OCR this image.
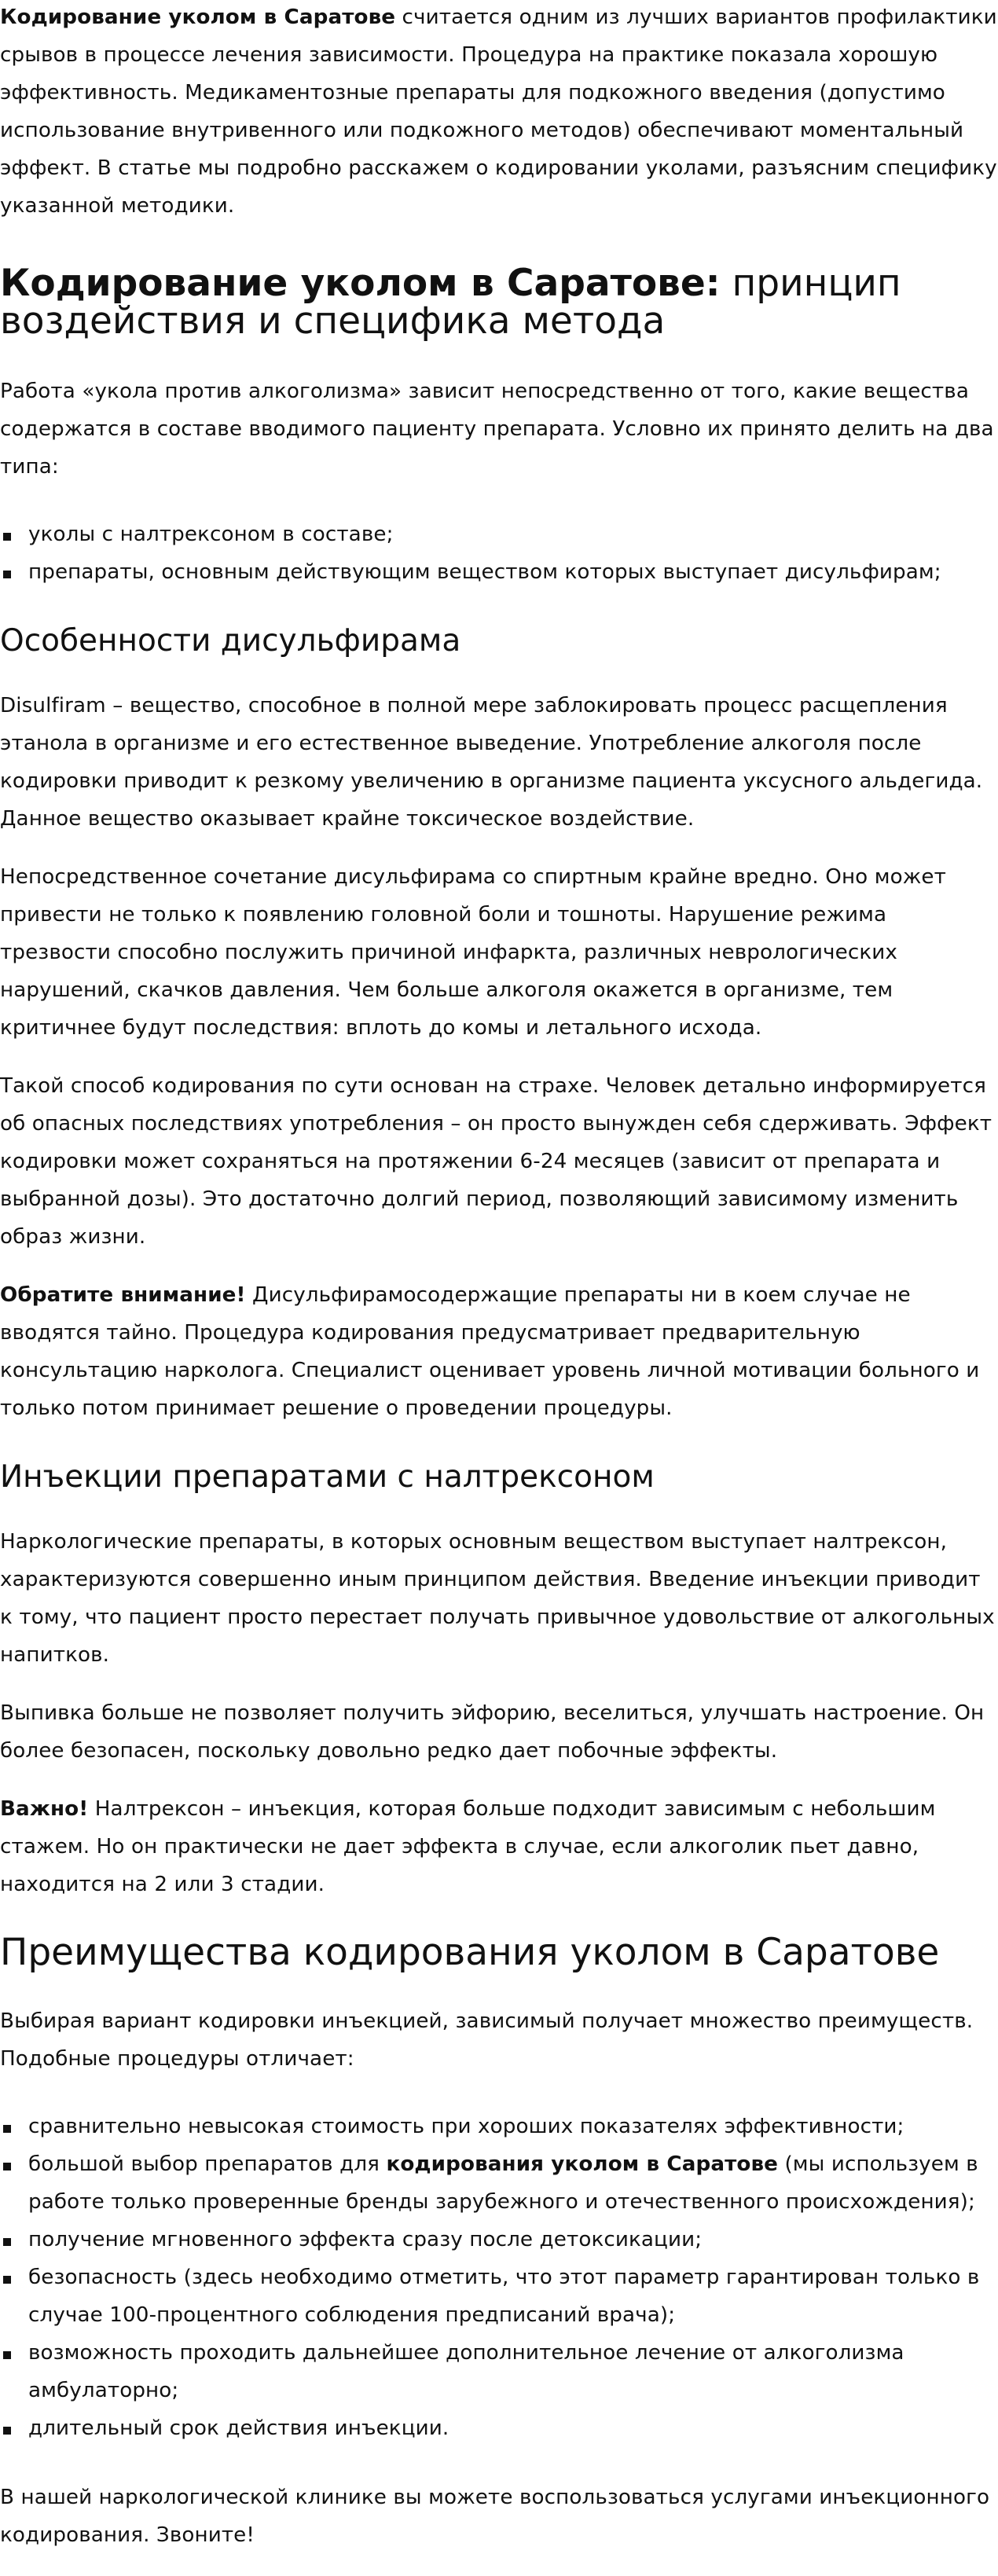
Кодирование уколом в Саратове считается одним из лучших вариантов профилактики срывов в процессе лечения зависимости. Процедура на практике показала хорошую эффективность. Медикаментозные препараты для подкожного введения (допустимо использование внутривенного или подкожного методов) обеспечивают моментальный эффект. В статье мы подробно расскажем о кодировании уколами, разъясним специфику указанной методики.

Кодирование уколом в Саратове: принцип воздействия и специфика метода

Работа «укола против алкоголизма» зависит непосредственно от того, какие вещества содержатся в составе вводимого пациенту препарата. Условно их принято делить на два типа:

уколы с налтрексоном в составе;
препараты, основным действующим веществом которых выступает дисульфирам;
Особенности дисульфирама

Disulfiram – вещество, способное в полной мере заблокировать процесс расщепления этанола в организме и его естественное выведение. Употребление алкоголя после кодировки приводит к резкому увеличению в организме пациента уксусного альдегида. Данное вещество оказывает крайне токсическое воздействие.

Непосредственное сочетание дисульфирама со спиртным крайне вредно. Оно может привести не только к появлению головной боли и тошноты. Нарушение режима трезвости способно послужить причиной инфаркта, различных неврологических нарушений, скачков давления. Чем больше алкоголя окажется в организме, тем критичнее будут последствия: вплоть до комы и летального исхода.

Такой способ кодирования по сути основан на страхе. Человек детально информируется об опасных последствиях употребления – он просто вынужден себя сдерживать. Эффект кодировки может сохраняться на протяжении 6-24 месяцев (зависит от препарата и выбранной дозы). Это достаточно долгий период, позволяющий зависимому изменить образ жизни.

Обратите внимание! Дисульфирамосодержащие препараты ни в коем случае не вводятся тайно. Процедура кодирования предусматривает предварительную консультацию нарколога. Специалист оценивает уровень личной мотивации больного и только потом принимает решение о проведении процедуры.

Инъекции препаратами с налтрексоном

Наркологические препараты, в которых основным веществом выступает налтрексон, характеризуются совершенно иным принципом действия. Введение инъекции приводит к тому, что пациент просто перестает получать привычное удовольствие от алкогольных напитков.

Выпивка больше не позволяет получить эйфорию, веселиться, улучшать настроение. Он более безопасен, поскольку довольно редко дает побочные эффекты.

Важно! Налтрексон – инъекция, которая больше подходит зависимым с небольшим стажем. Но он практически не дает эффекта в случае, если алкоголик пьет давно, находится на 2 или 3 стадии.

Преимущества кодирования уколом в Саратове

Выбирая вариант кодировки инъекцией, зависимый получает множество преимуществ. Подобные процедуры отличает:

сравнительно невысокая стоимость при хороших показателях эффективности;
большой выбор препаратов для кодирования уколом в Саратове (мы используем в работе только проверенные бренды зарубежного и отечественного происхождения);
получение мгновенного эффекта сразу после детоксикации;
безопасность (здесь необходимо отметить, что этот параметр гарантирован только в случае 100-процентного соблюдения предписаний врача);
возможность проходить дальнейшее дополнительное лечение от алкоголизма амбулаторно;
длительный срок действия инъекции.

В нашей наркологической клинике вы можете воспользоваться услугами инъекционного кодирования. Звоните!
